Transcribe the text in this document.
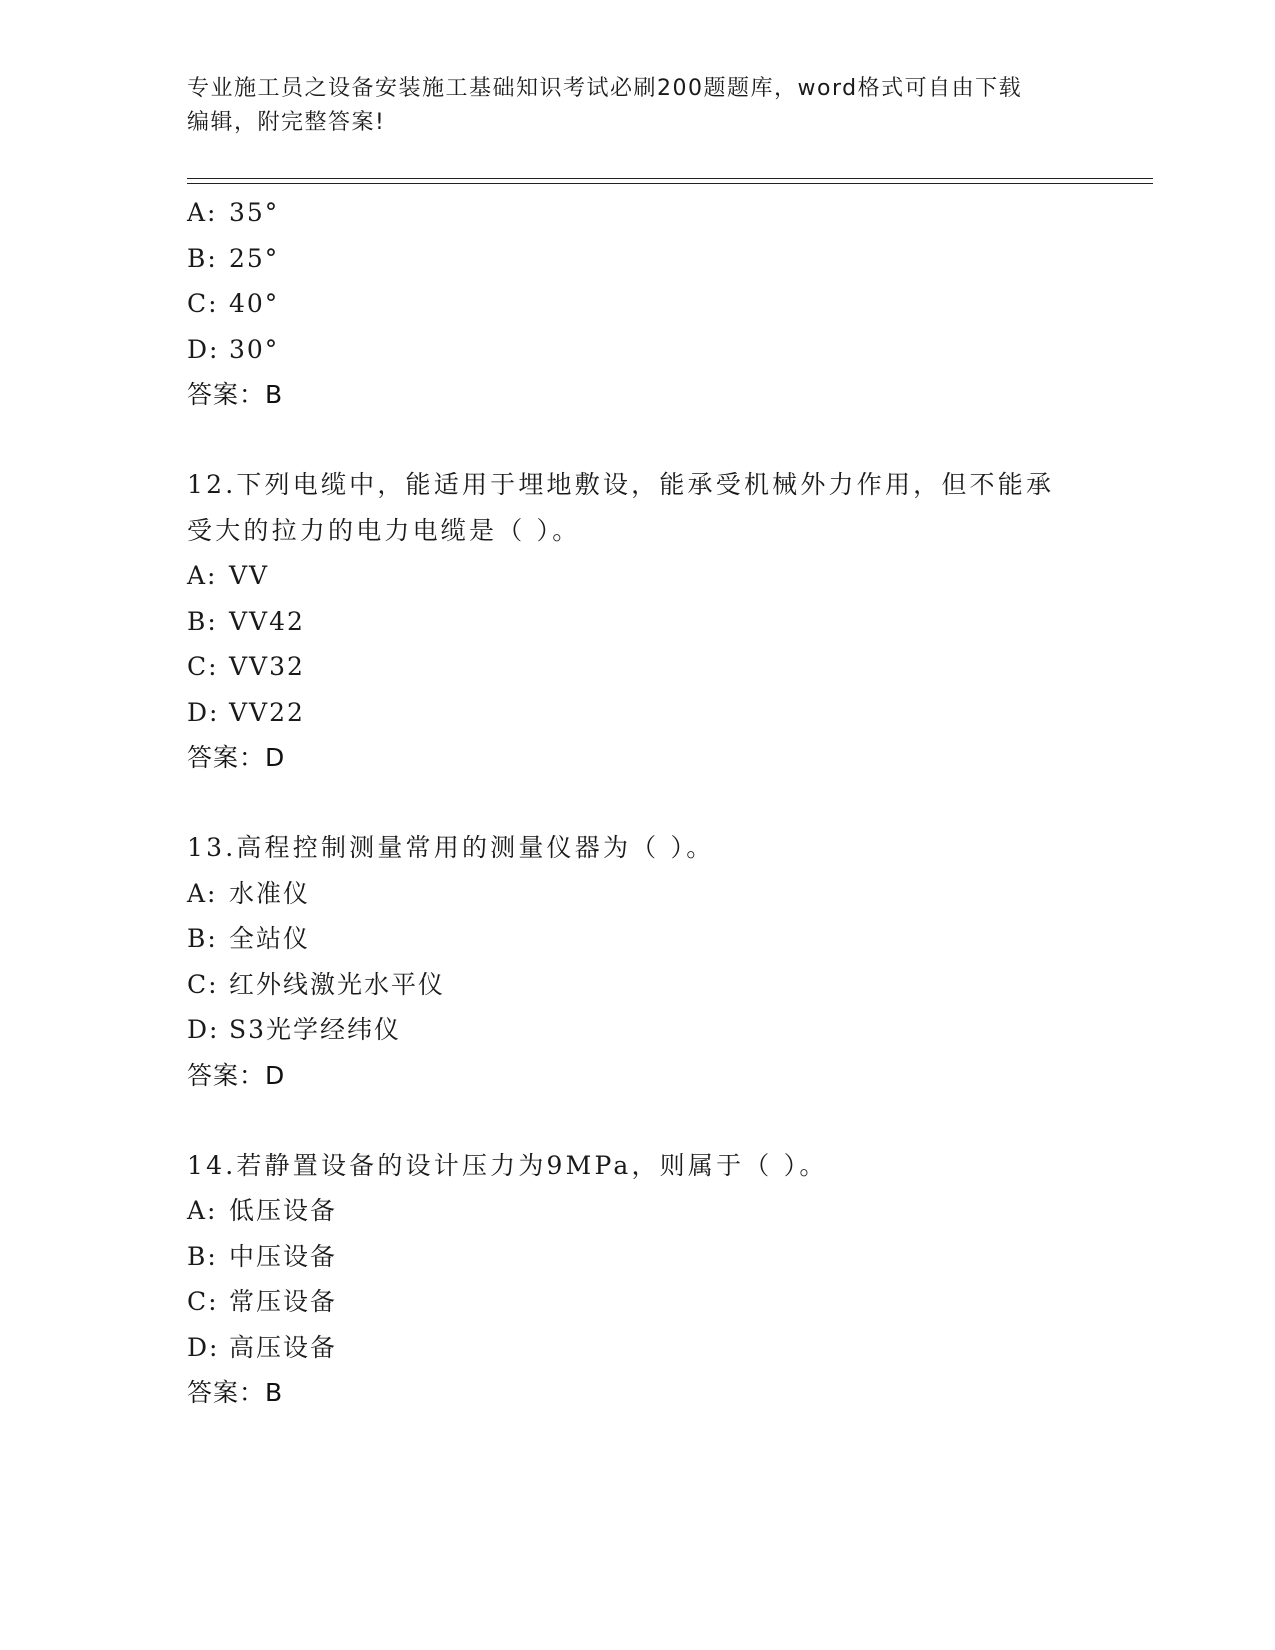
专业施工员之设备安装施工基础知识考试必刷200题题库，word格式可自由下载
编辑，附完整答案!
A: 35°
B: 25°
C: 40°
D: 30°
答案：B
12.下列电缆中，能适用于埋地敷设，能承受机械外力作用，但不能承
受大的拉力的电力电缆是（ ）。
A: VV
B: VV42
C: VV32
D: VV22
答案：D
13.高程控制测量常用的测量仪器为（ ）。
A: 水准仪
B: 全站仪
C: 红外线激光水平仪
D: S3光学经纬仪
答案：D
14.若静置设备的设计压力为9MPa，则属于（ ）。
A: 低压设备
B: 中压设备
C: 常压设备
D: 高压设备
答案：B
